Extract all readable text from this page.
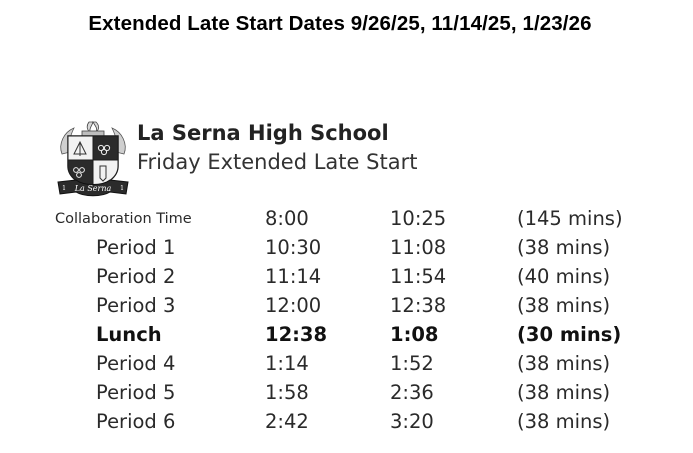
Extended Late Start Dates 9/26/25, 11/14/25, 1/23/26
La Serna
1	1
La Serna High School
Friday Extended Late Start
Collaboration Time	8:00	10:25	(145 mins)
Period 1	10:30	11:08	(38 mins)
Period 2	11:14	11:54	(40 mins)
Period 3	12:00	12:38	(38 mins)
Lunch	12:38	1:08	(30 mins)
Period 4	1:14	1:52	(38 mins)
Period 5	1:58	2:36	(38 mins)
Period 6	2:42	3:20	(38 mins)
